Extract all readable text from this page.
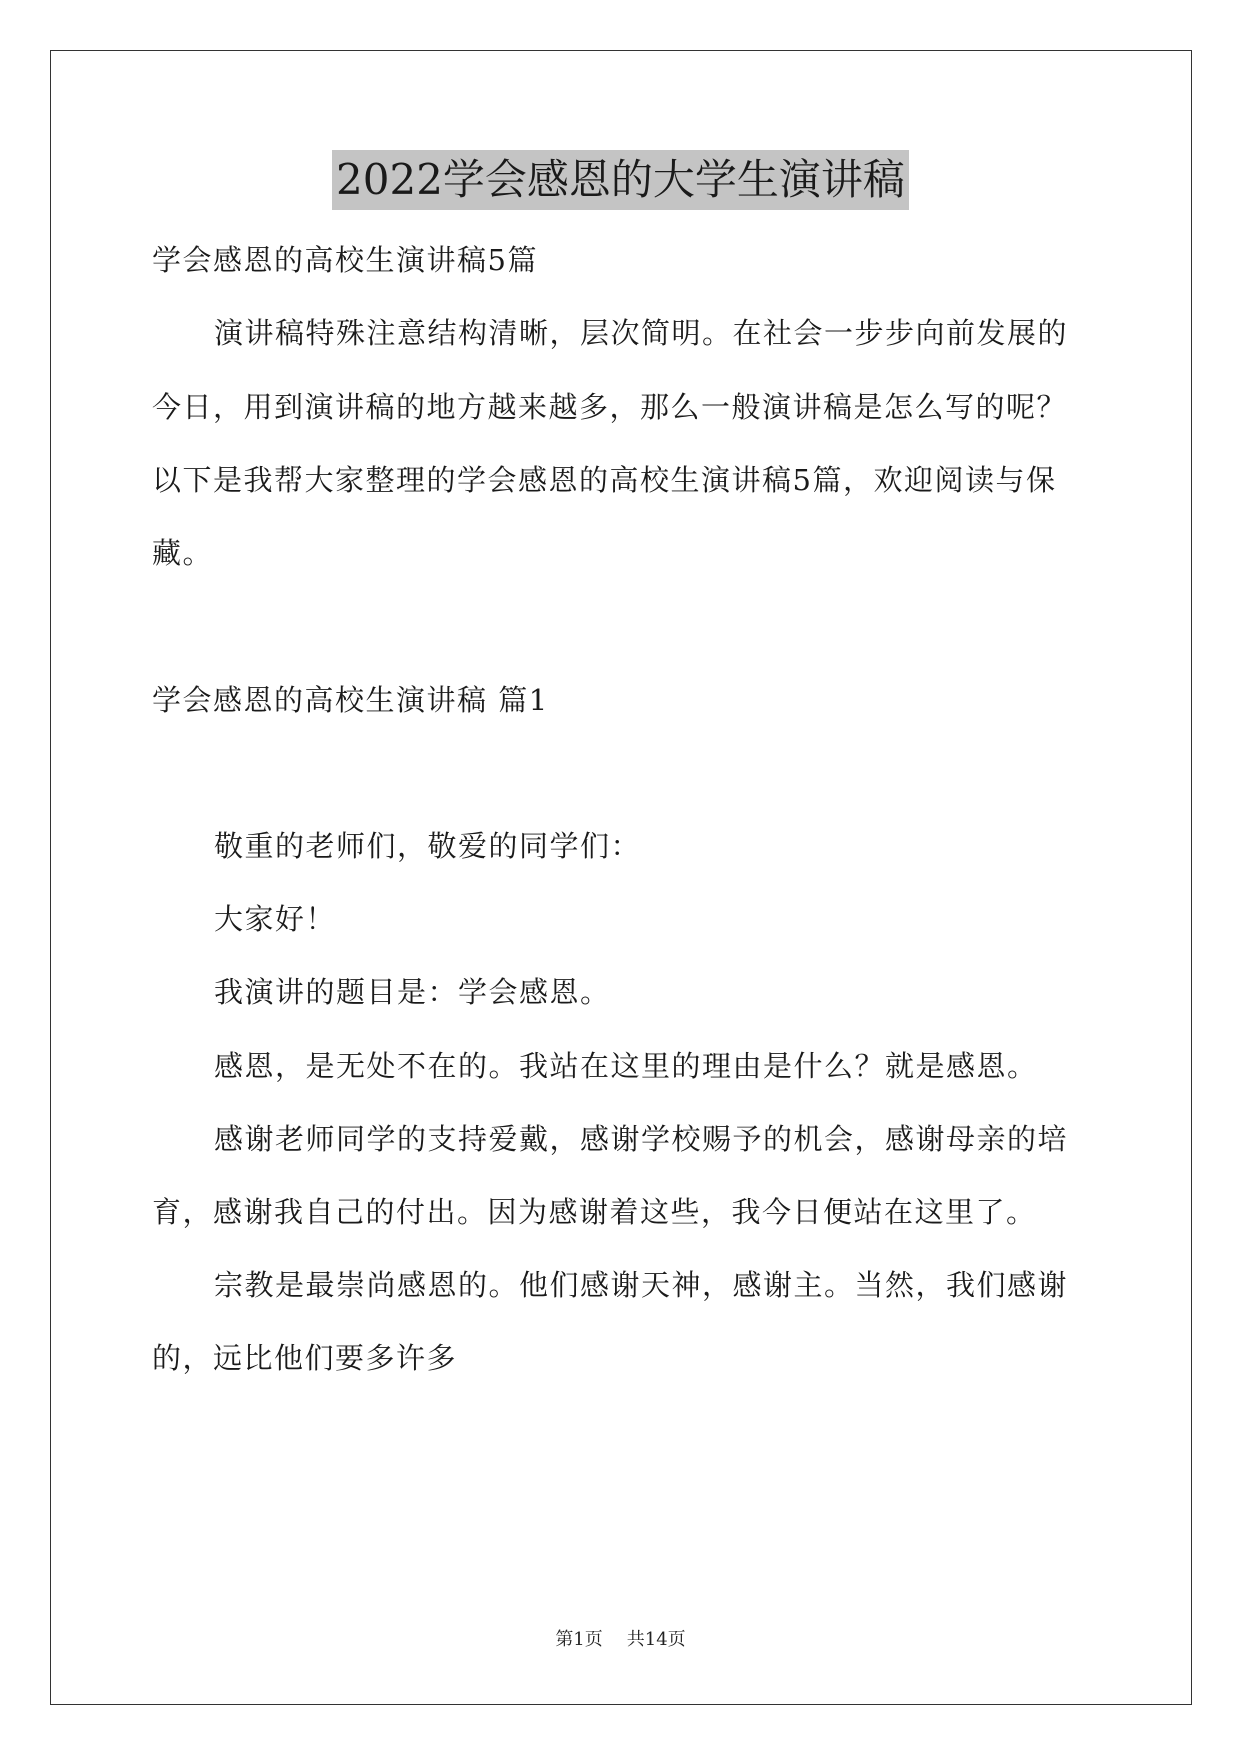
2022学会感恩的大学生演讲稿
学会感恩的高校生演讲稿5篇
演讲稿特殊注意结构清晰，层次简明。在社会一步步向前发展的
今日，用到演讲稿的地方越来越多，那么一般演讲稿是怎么写的呢？
以下是我帮大家整理的学会感恩的高校生演讲稿5篇，欢迎阅读与保
藏。
学会感恩的高校生演讲稿 篇1
敬重的老师们，敬爱的同学们：
大家好！
我演讲的题目是：学会感恩。
感恩，是无处不在的。我站在这里的理由是什么？就是感恩。
感谢老师同学的支持爱戴，感谢学校赐予的机会，感谢母亲的培
育，感谢我自己的付出。因为感谢着这些，我今日便站在这里了。
宗教是最崇尚感恩的。他们感谢天神，感谢主。当然，我们感谢
的，远比他们要多许多
第1页 共14页
